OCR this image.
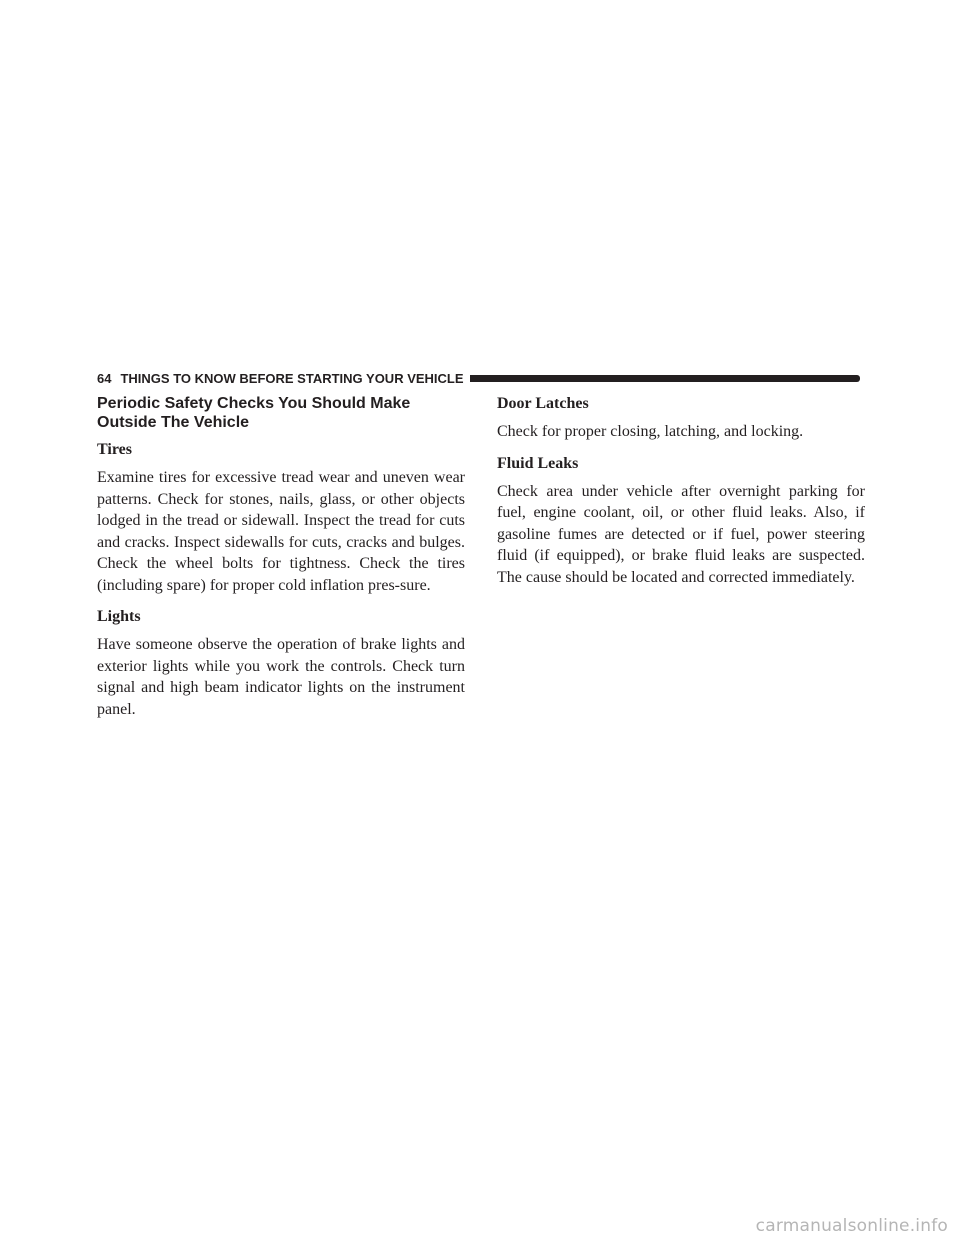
64 THINGS TO KNOW BEFORE STARTING YOUR VEHICLE
Periodic Safety Checks You Should Make
Outside The Vehicle
Tires

Examine tires for excessive tread wear and uneven wear patterns. Check for stones, nails, glass, or other objects lodged in the tread or sidewall. Inspect the tread for cuts and cracks. Inspect sidewalls for cuts, cracks and bulges. Check the wheel bolts for tightness. Check the tires (including spare) for proper cold inflation pres-sure.

Lights

Have someone observe the operation of brake lights and exterior lights while you work the controls. Check turn signal and high beam indicator lights on the instrument panel.

Door Latches

Check for proper closing, latching, and locking.

Fluid Leaks

Check area under vehicle after overnight parking for fuel, engine coolant, oil, or other fluid leaks. Also, if gasoline fumes are detected or if fuel, power steering fluid (if equipped), or brake fluid leaks are suspected. The cause should be located and corrected immediately.

carmanualsonline.info
